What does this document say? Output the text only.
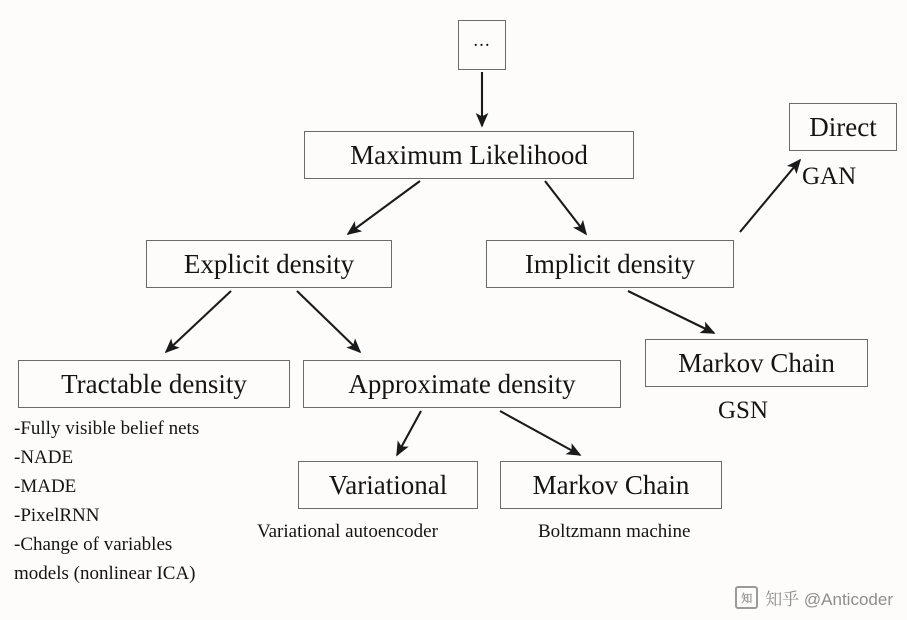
...
Maximum Likelihood
Explicit density	Implicit density
Direct
Tractable density	Approximate density
Markov Chain
Variational	Markov Chain
GAN
GSN
Variational autoencoder	Boltzmann machine
-Fully visible belief nets
-NADE
-MADE
-PixelRNN
-Change of variables
models (nonlinear ICA)
知 知乎 @Anticoder
